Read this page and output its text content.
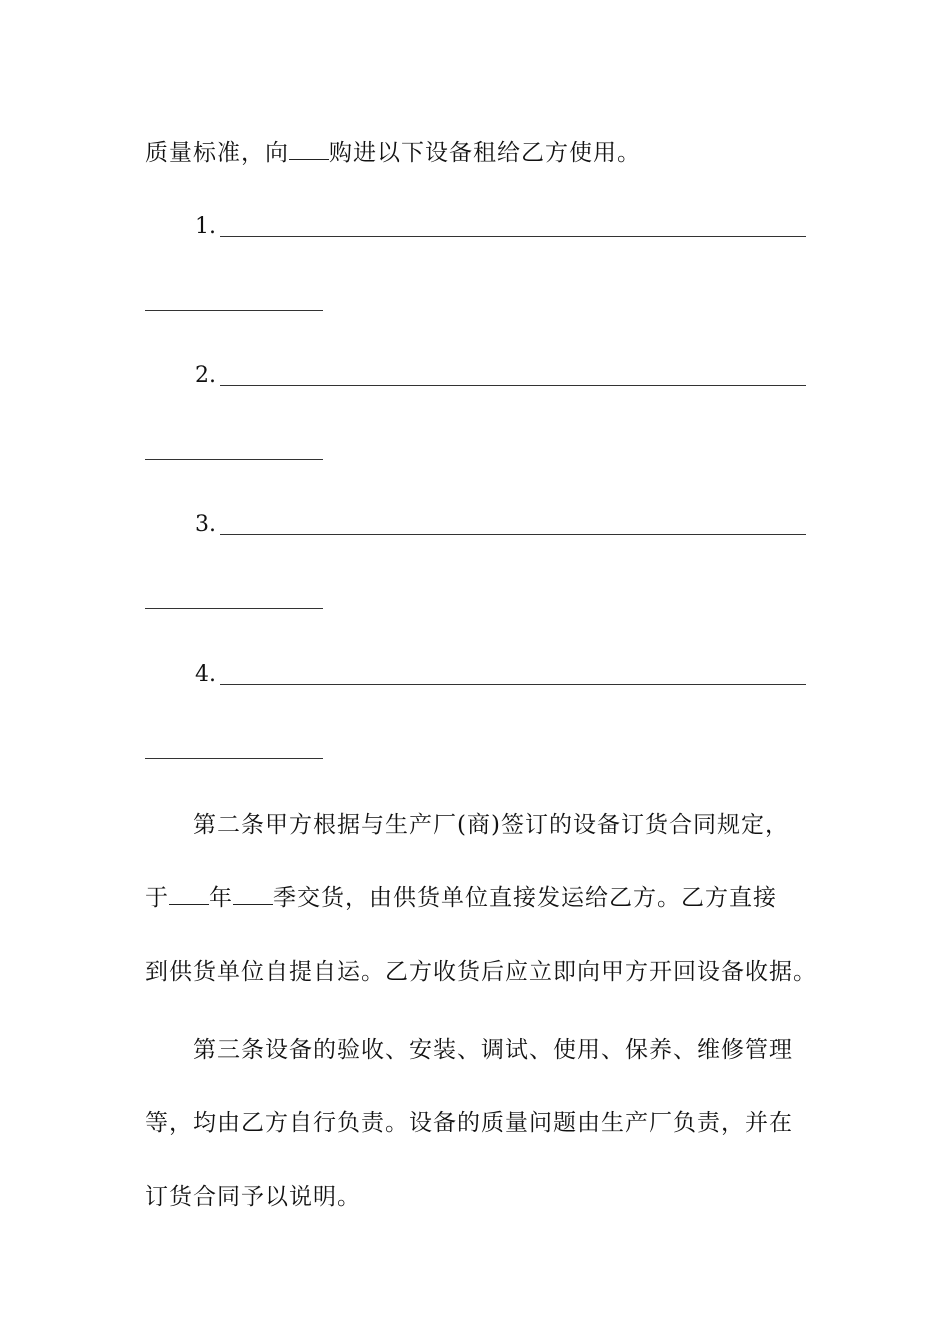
质量标准，向 购进以下设备租给乙方使用。
1.
2.
3.
4.
第二条甲方根据与生产厂(商)签订的设备订货合同规定，
于 年 季交货，由供货单位直接发运给乙方。乙方直接
到供货单位自提自运。乙方收货后应立即向甲方开回设备收据。
第三条设备的验收、安装、调试、使用、保养、维修管理
等，均由乙方自行负责。设备的质量问题由生产厂负责，并在
订货合同予以说明。
